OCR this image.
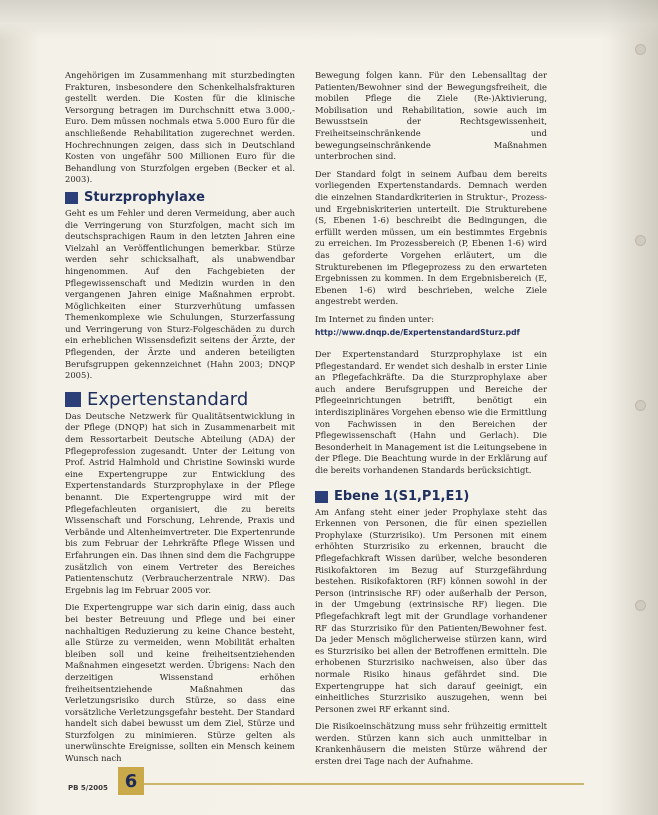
Angehörigen im Zusammenhang mit sturzbedingten Frakturen, insbesondere den Schenkelhalsfrakturen gestellt werden. Die Kosten für die klinische Versorgung betragen im Durchschnitt etwa 3.000,- Euro. Dem müssen nochmals etwa 5.000 Euro für die anschließende Rehabilitation zugerechnet werden. Hochrechnungen zeigen, dass sich in Deutschland Kosten von ungefähr 500 Millionen Euro für die Behandlung von Sturzfolgen ergeben (Becker et al. 2003).

Sturzprophylaxe

Geht es um Fehler und deren Vermeidung, aber auch die Verringerung von Sturzfolgen, macht sich im deutschsprachigen Raum in den letzten Jahren eine Vielzahl an Veröffentlichungen bemerkbar. Stürze werden sehr schicksalhaft, als unabwendbar hingenommen. Auf den Fachgebieten der Pflegewissenschaft und Medizin wurden in den vergangenen Jahren einige Maßnahmen erprobt. Möglichkeiten einer Sturzverhütung umfassen Themenkomplexe wie Schulungen, Sturzerfassung und Verringerung von Sturz-Folgeschäden zu durch ein erheblichen Wissensdefizit seitens der Ärzte, der Pflegenden, der Ärzte und anderen beteiligten Berufsgruppen gekennzeichnet (Hahn 2003; DNQP 2005).

Expertenstandard

Das Deutsche Netzwerk für Qualitätsentwicklung in der Pflege (DNQP) hat sich in Zusammenarbeit mit dem Ressortarbeit Deutsche Abteilung (ADA) der Pflegeprofession zugesandt. Unter der Leitung von Prof. Astrid Halmhold und Christine Sowinski wurde eine Expertengruppe zur Entwicklung des Expertenstandards Sturzprophylaxe in der Pflege benannt. Die Expertengruppe wird mit der Pflegefachleuten organisiert, die zu bereits Wissenschaft und Forschung, Lehrende, Praxis und Verbände und Altenheimvertreter. Die Expertenrunde bis zum Februar der Lehrkräfte Pflege Wissen und Erfahrungen ein. Das ihnen sind dem die Fachgruppe zusätzlich von einem Vertreter des Bereiches Patientenschutz (Verbraucherzentrale NRW). Das Ergebnis lag im Februar 2005 vor.

Die Expertengruppe war sich darin einig, dass auch bei bester Betreuung und Pflege und bei einer nachhaltigen Reduzierung zu keine Chance besteht, alle Stürze zu vermeiden, wenn Mobilität erhalten bleiben soll und keine freiheitsentziehenden Maßnahmen eingesetzt werden. Übrigens: Nach den derzeitigen Wissenstand erhöhen freiheitsentziehende Maßnahmen das Verletzungsrisiko durch Stürze, so dass eine vorsätzliche Verletzungsgefahr besteht. Der Standard handelt sich dabei bewusst um dem Ziel, Stürze und Sturzfolgen zu minimieren. Stürze gelten als unerwünschte Ereignisse, sollten ein Mensch keinem Wunsch nach

Bewegung folgen kann. Für den Lebensalltag der Patienten/Bewohner sind der Bewegungsfreiheit, die mobilen Pflege die Ziele (Re-)Aktivierung, Mobilisation und Rehabilitation, sowie auch im Bewusstsein der Rechtsgewissenheit, Freiheitseinschränkende und bewegungseinschränkende Maßnahmen unterbrochen sind.

Der Standard folgt in seinem Aufbau dem bereits vorliegenden Expertenstandards. Demnach werden die einzelnen Standardkriterien in Struktur-, Prozess- und Ergebniskriterien unterteilt. Die Strukturebene (S, Ebenen 1-6) beschreibt die Bedingungen, die erfüllt werden müssen, um ein bestimmtes Ergebnis zu erreichen. Im Prozessbereich (P, Ebenen 1-6) wird das geforderte Vorgehen erläutert, um die Strukturebenen im Pflegeprozess zu den erwarteten Ergebnissen zu kommen. In dem Ergebnisbereich (E, Ebenen 1-6) wird beschrieben, welche Ziele angestrebt werden.

Im Internet zu finden unter:

http://www.dnqp.de/ExpertenstandardSturz.pdf

Der Expertenstandard Sturzprophylaxe ist ein Pflegestandard. Er wendet sich deshalb in erster Linie an Pflegefachkräfte. Da die Sturzprophylaxe aber auch andere Berufsgruppen und Bereiche der Pflegeeinrichtungen betrifft, benötigt ein interdisziplinäres Vorgehen ebenso wie die Ermittlung von Fachwissen in den Bereichen der Pflegewissenschaft (Hahn und Gerlach). Die Besonderheit in Management ist die Leitungsebene in der Pflege. Die Beachtung wurde in der Erklärung auf die bereits vorhandenen Standards berücksichtigt.

Ebene 1(S1,P1,E1)

Am Anfang steht einer jeder Prophylaxe steht das Erkennen von Personen, die für einen speziellen Prophylaxe (Sturzrisiko). Um Personen mit einem erhöhten Sturzrisiko zu erkennen, braucht die Pflegefachkraft Wissen darüber, welche besonderen Risikofaktoren im Bezug auf Sturzgefährdung bestehen. Risikofaktoren (RF) können sowohl in der Person (intrinsische RF) oder außerhalb der Person, in der Umgebung (extrinsische RF) liegen. Die Pflegefachkraft legt mit der Grundlage vorhandener RF das Sturzrisiko für den Patienten/Bewohner fest. Da jeder Mensch möglicherweise stürzen kann, wird es Sturzrisiko bei allen der Betroffenen ermitteln. Die erhobenen Sturzrisiko nachweisen, also über das normale Risiko hinaus gefährdet sind. Die Expertengruppe hat sich darauf geeinigt, ein einheitliches Sturzrisiko auszugehen, wenn bei Personen zwei RF erkannt sind.

Die Risikoeinschätzung muss sehr frühzeitig ermittelt werden. Stürzen kann sich auch unmittelbar in Krankenhäusern die meisten Stürze während der ersten drei Tage nach der Aufnahme.

PB 5/2005 6
